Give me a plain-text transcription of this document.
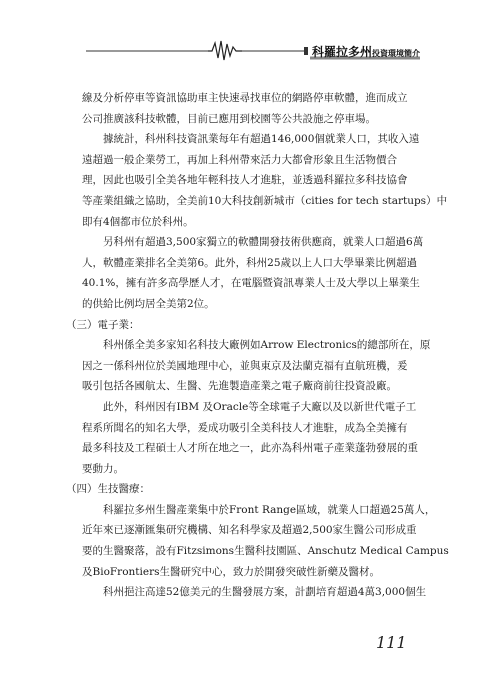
科羅拉多州投資環境簡介

線及分析停車等資訊協助車主快速尋找車位的網路停車軟體，進而成立
公司推廣該科技軟體，目前已應用到校園等公共設施之停車場。

　　據統計，科州科技資訊業每年有超過146,000個就業人口，其收入遠
遠超過一般企業勞工，再加上科州帶來活力大都會形象且生活物價合
理，因此也吸引全美各地年輕科技人才進駐，並透過科羅拉多科技協會
等產業組織之協助，全美前10大科技創新城市（cities for tech startups）中
即有4個都市位於科州。

　　另科州有超過3,500家獨立的軟體開發技術供應商，就業人口超過6萬
人，軟體產業排名全美第6。此外，科州25歲以上人口大學畢業比例超過
40.1%，擁有許多高學歷人才，在電腦暨資訊專業人士及大學以上畢業生
的供給比例均居全美第2位。

（三）電子業：

　　科州係全美多家知名科技大廠例如Arrow Electronics的總部所在，原
因之一係科州位於美國地理中心，並與東京及法蘭克福有直航班機，爰
吸引包括各國航太、生醫、先進製造產業之電子廠商前往投資設廠。

　　此外，科州因有IBM 及Oracle等全球電子大廠以及以新世代電子工
程系所聞名的知名大學，爰成功吸引全美科技人才進駐，成為全美擁有
最多科技及工程碩士人才所在地之一，此亦為科州電子產業蓬勃發展的重
要動力。

（四）生技醫療：

　　科羅拉多州生醫產業集中於Front Range區域，就業人口超過25萬人，
近年來已逐漸匯集研究機構、知名科學家及超過2,500家生醫公司形成重
要的生醫聚落，設有Fitzsimons生醫科技園區、Anschutz Medical Campus
及BioFrontiers生醫研究中心，致力於開發突破性新藥及醫材。

　　科州挹注高達52億美元的生醫發展方案，計劃培育超過4萬3,000個生

111
